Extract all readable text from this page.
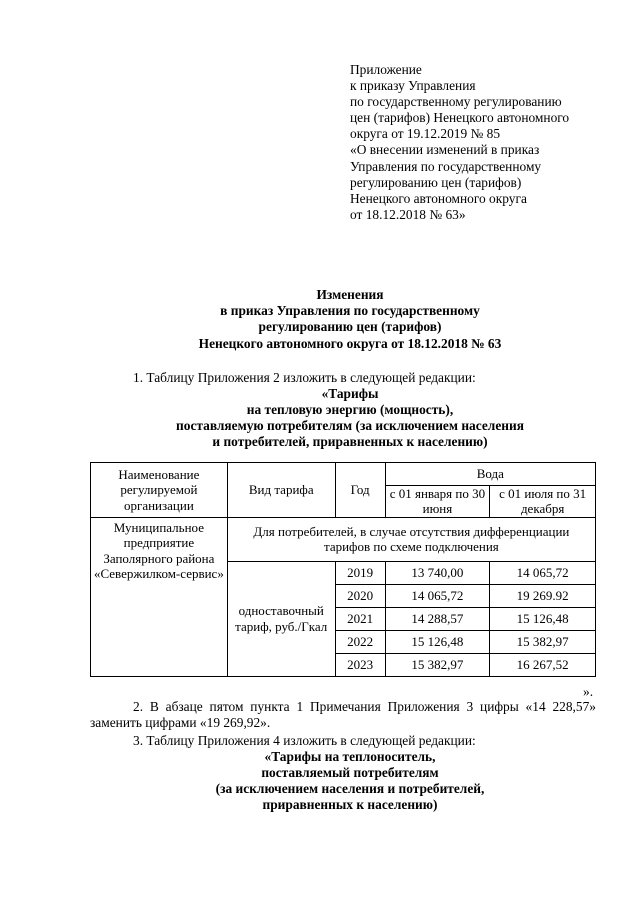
Приложение
к приказу Управления
по государственному регулированию
цен (тарифов) Ненецкого автономного
округа от 19.12.2019 № 85
«О внесении изменений в приказ
Управления по государственному
регулированию цен (тарифов)
Ненецкого автономного округа
от 18.12.2018 № 63»
Изменения
в приказ Управления по государственному
регулированию цен (тарифов)
Ненецкого автономного округа от 18.12.2018 № 63
1. Таблицу Приложения 2 изложить в следующей редакции:
«Тарифы
на тепловую энергию (мощность),
поставляемую потребителям (за исключением населения
и потребителей, приравненных к населению)
Наименование регулируемой организации	Вид тарифа	Год	Вода	
			с 01 января по 30 июня	с 01 июля по 31 декабря
Муниципальное предприятие Заполярного района «Севержилком-сервис»	Для потребителей, в случае отсутствия дифференциации тарифов по схеме подключения			
	одноставочный тариф, руб./Гкал	2019	13 740,00	14 065,72
		2020	14 065,72	19 269.92
		2021	14 288,57	15 126,48
		2022	15 126,48	15 382,97
		2023	15 382,97	16 267,52
».
2. В абзаце пятом пункта 1 Примечания Приложения 3 цифры «14 228,57»
заменить цифрами «19 269,92».
3. Таблицу Приложения 4 изложить в следующей редакции:
«Тарифы на теплоноситель,
поставляемый потребителям
(за исключением населения и потребителей,
приравненных к населению)
